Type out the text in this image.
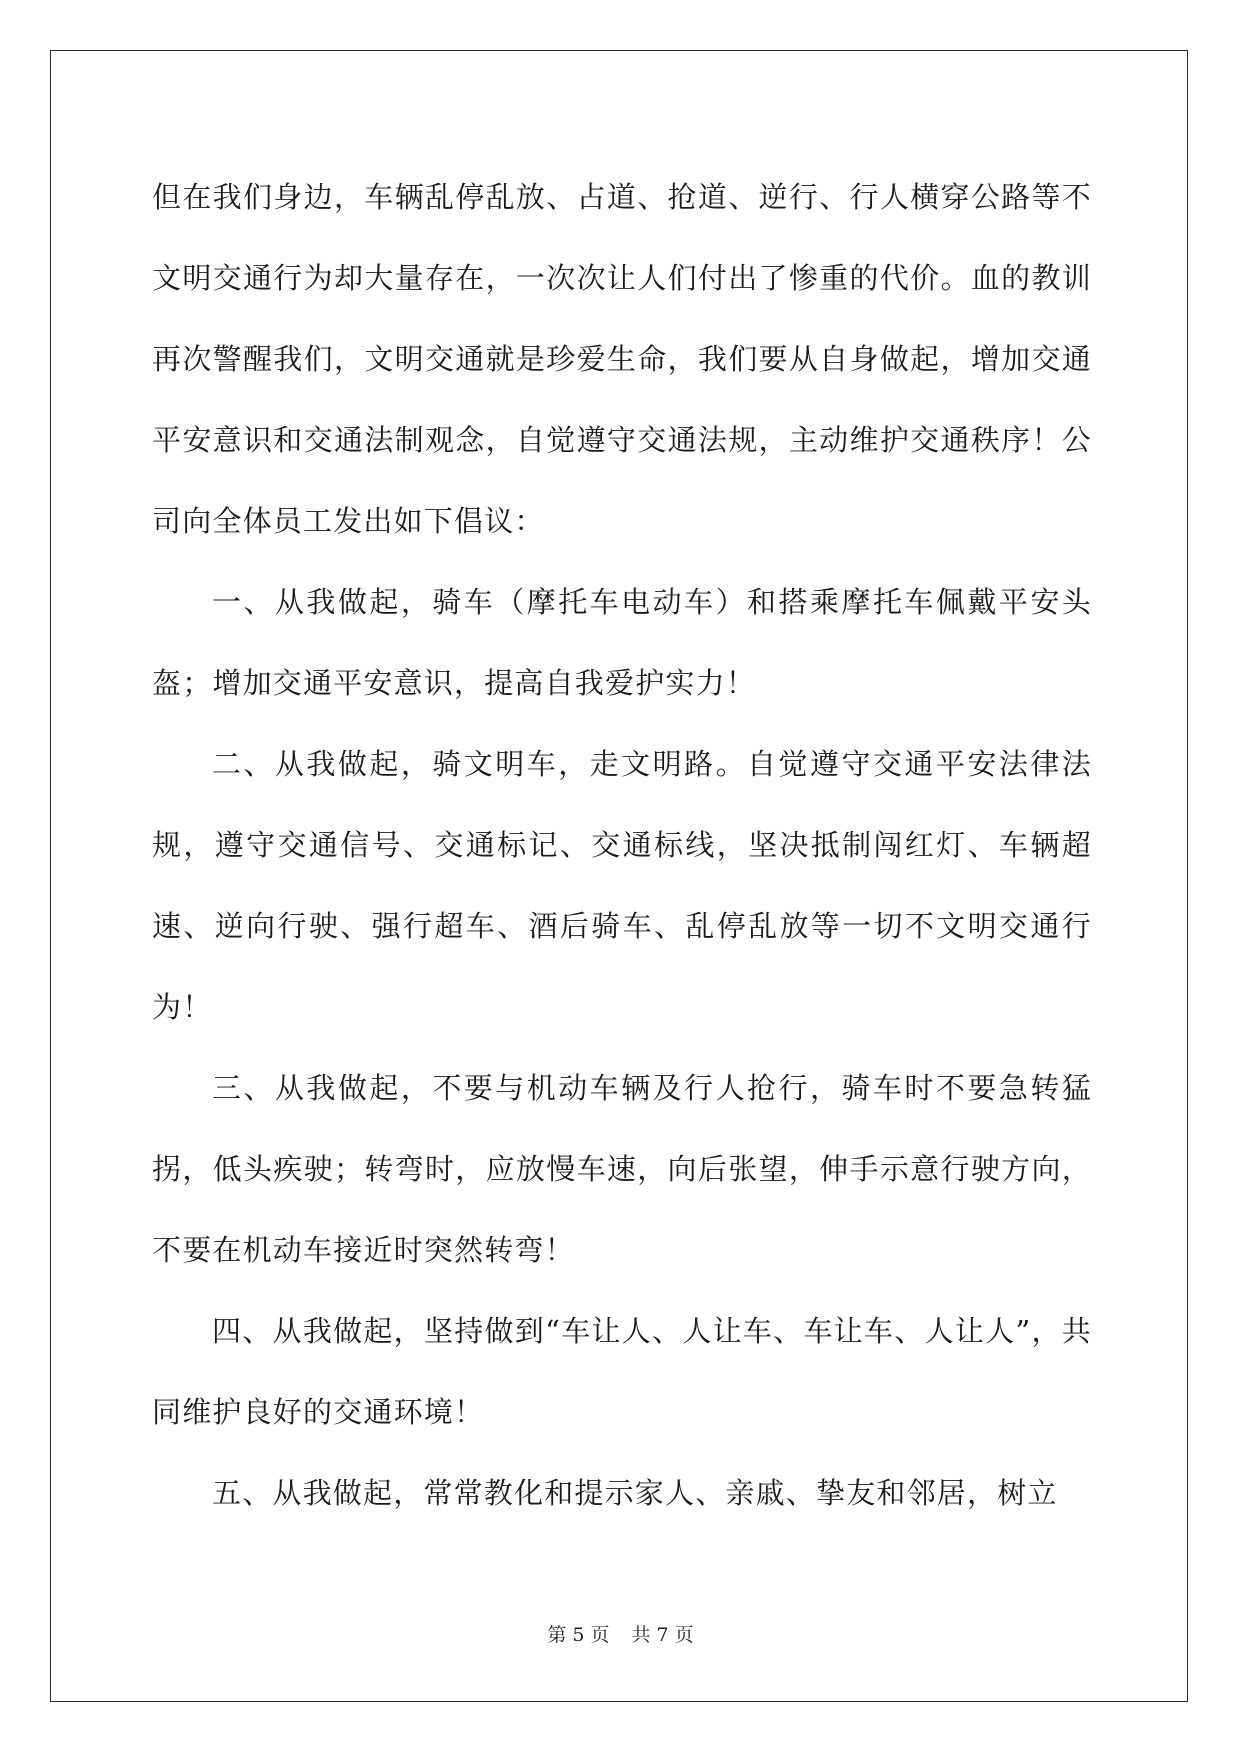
但在我们身边，车辆乱停乱放、占道、抢道、逆行、行人横穿公路等不文明交通行为却大量存在，一次次让人们付出了惨重的代价。血的教训再次警醒我们，文明交通就是珍爱生命，我们要从自身做起，增加交通平安意识和交通法制观念，自觉遵守交通法规，主动维护交通秩序！公司向全体员工发出如下倡议：

一、从我做起，骑车（摩托车电动车）和搭乘摩托车佩戴平安头盔；增加交通平安意识，提高自我爱护实力！

二、从我做起，骑文明车，走文明路。自觉遵守交通平安法律法规，遵守交通信号、交通标记、交通标线，坚决抵制闯红灯、车辆超速、逆向行驶、强行超车、酒后骑车、乱停乱放等一切不文明交通行为！

三、从我做起，不要与机动车辆及行人抢行，骑车时不要急转猛拐，低头疾驶；转弯时，应放慢车速，向后张望，伸手示意行驶方向，不要在机动车接近时突然转弯！

四、从我做起，坚持做到“车让人、人让车、车让车、人让人”，共同维护良好的交通环境！

五、从我做起，常常教化和提示家人、亲戚、挚友和邻居，树立

第 5 页 共 7 页
